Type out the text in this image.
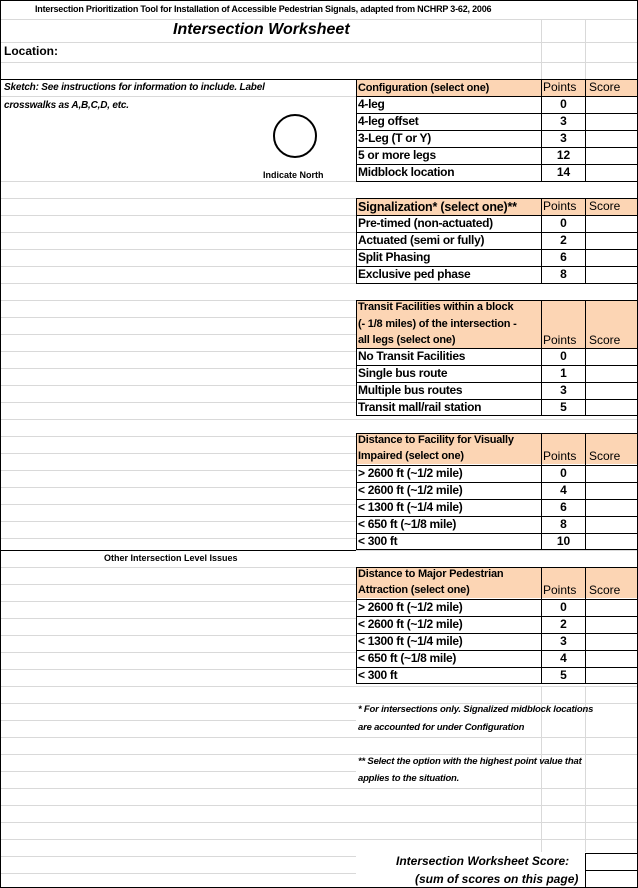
Intersection Prioritization Tool for Installation of Accessible Pedestrian Signals, adapted from NCHRP 3-62, 2006
Intersection Worksheet
Location:
Sketch: See instructions for information to include. Label
crosswalks as A,B,C,D, etc.
Indicate North
Other Intersection Level Issues
Configuration (select one)	Points Score
4-leg	0
4-leg offset	3
3-Leg (T or Y)	3
5 or more legs	12
Midblock location	14
Signalization* (select one)** Points Score
Pre-timed (non-actuated)	0
Actuated (semi or fully)	2
Split Phasing	6
Exclusive ped phase	8
Transit Facilities within a block
(- 1/8 miles) of the intersection -
all legs (select one)	Points Score
No Transit Facilities	0
Single bus route	1
Multiple bus routes	3
Transit mall/rail station	5
Distance to Facility for Visually
Impaired (select one)	Points Score
> 2600 ft (~1/2 mile)	0
< 2600 ft (~1/2 mile)	4
< 1300 ft (~1/4 mile)	6
< 650 ft (~1/8 mile)	8
< 300 ft	10
Distance to Major Pedestrian
Attraction (select one)	Points Score
> 2600 ft (~1/2 mile)	0
< 2600 ft (~1/2 mile)	2
< 1300 ft (~1/4 mile)	3
< 650 ft (~1/8 mile)	4
< 300 ft	5
* For intersections only. Signalized midblock locations
are accounted for under Configuration
** Select the option with the highest point value that
applies to the situation.
Intersection Worksheet Score:
(sum of scores on this page)
